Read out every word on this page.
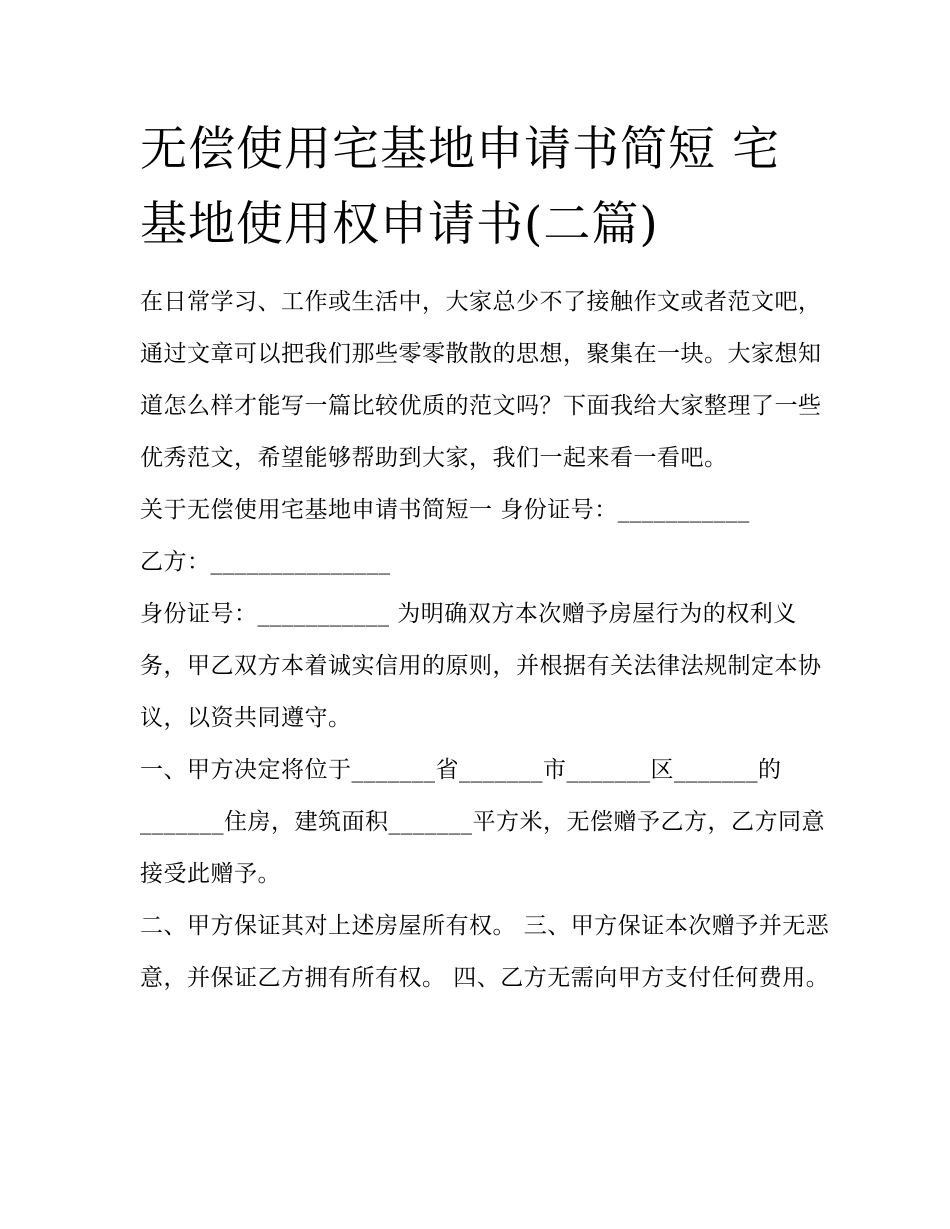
无偿使用宅基地申请书简短 宅基地使用权申请书(二篇)

在日常学习、工作或生活中，大家总少不了接触作文或者范文吧，通过文章可以把我们那些零零散散的思想，聚集在一块。大家想知道怎么样才能写一篇比较优质的范文吗？下面我给大家整理了一些优秀范文，希望能够帮助到大家，我们一起来看一看吧。

关于无偿使用宅基地申请书简短一 身份证号：___________

乙方：_______________

身份证号：___________ 为明确双方本次赠予房屋行为的权利义务，甲乙双方本着诚实信用的原则，并根据有关法律法规制定本协议，以资共同遵守。

一、甲方决定将位于_______省_______市_______区_______的_______住房，建筑面积_______平方米，无偿赠予乙方，乙方同意接受此赠予。

二、甲方保证其对上述房屋所有权。 三、甲方保证本次赠予并无恶意，并保证乙方拥有所有权。 四、乙方无需向甲方支付任何费用。
